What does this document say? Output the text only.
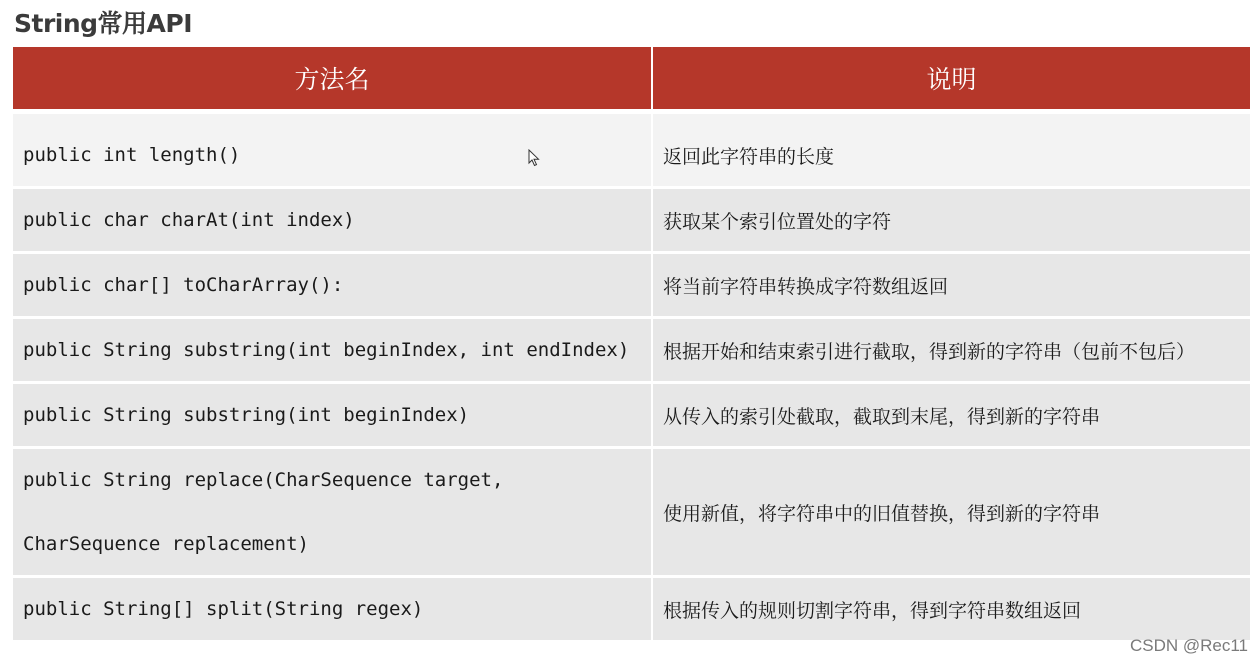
String常用API
方法名	说明

public int length()	返回此字符串的长度
public char charAt(int index)	获取某个索引位置处的字符
public char[] toCharArray():	将当前字符串转换成字符数组返回
public String substring(int beginIndex, int endIndex)	根据开始和结束索引进行截取，得到新的字符串（包前不包后）
public String substring(int beginIndex)	从传入的索引处截取，截取到末尾，得到新的字符串

public String replace(CharSequence target,
CharSequence replacement)	使用新值，将字符串中的旧值替换，得到新的字符串
public String[] split(String regex)	根据传入的规则切割字符串，得到字符串数组返回
CSDN @Rec11
